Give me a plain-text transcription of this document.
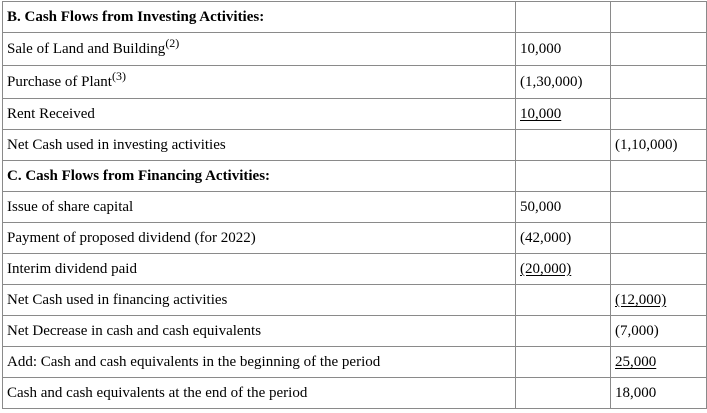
B. Cash Flows from Investing Activities:		
Sale of Land and Building$^{(2)}$	10,000	
Purchase of Plant$^{(3)}$	(1,30,000)	
Rent Received	10,000	
Net Cash used in investing activities		(1,10,000)
C. Cash Flows from Financing Activities:		
Issue of share capital	50,000	
Payment of proposed dividend (for 2022)	(42,000)	
Interim dividend paid	(20,000)	
Net Cash used in financing activities		(12,000)
Net Decrease in cash and cash equivalents		(7,000)
Add: Cash and cash equivalents in the beginning of the period		25,000
Cash and cash equivalents at the end of the period		18,000
